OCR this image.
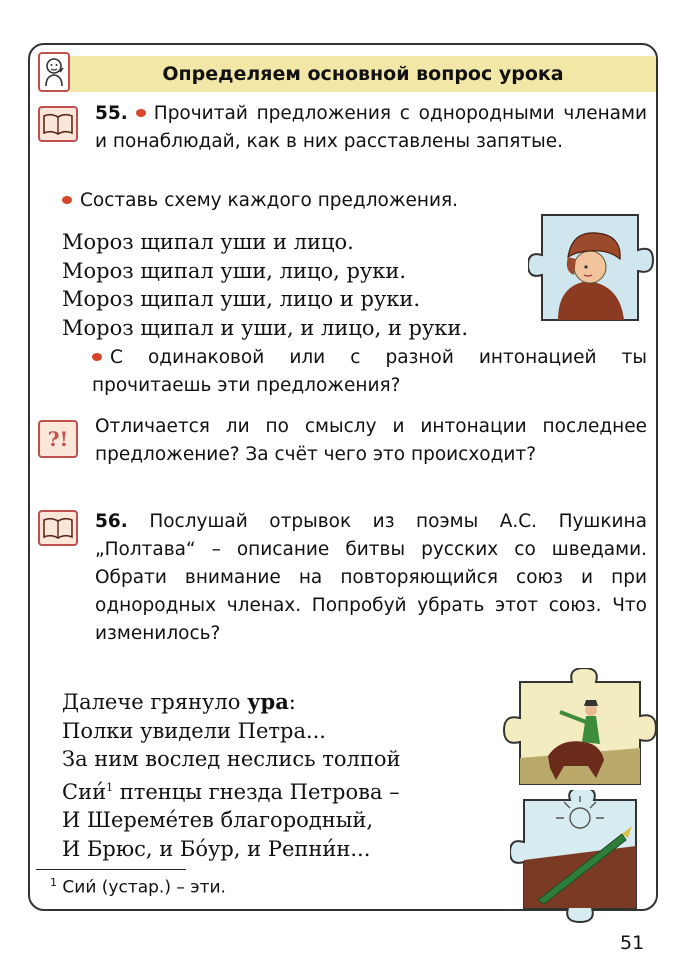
Определяем основной вопрос урока
55. Прочитай предложения с однородными членами и понаблюдай, как в них расставлены запятые.
Составь схему каждого предложения.
Мороз щипал уши и лицо.
Мороз щипал уши, лицо, руки.
Мороз щипал уши, лицо и руки.
Мороз щипал и уши, и лицо, и руки.
С одинаковой или с разной интонацией ты прочитаешь эти предложения?
?!
Отличается ли по смыслу и интонации последнее предложение? За счёт чего это происходит?
56. Послушай отрывок из поэмы А.С. Пушкина „Полтава“ – описание битвы русских со шведами. Обрати внимание на повторяющийся союз и при однородных членах. Попробуй убрать этот союз. Что изменилось?
Далече грянуло ура:
Полки увидели Петра...
За ним вослед неслись толпой
Сии́$^1$ птенцы гнезда Петрова –
И Шереме́тев благородный,
И Брюс, и Бо́ур, и Репни́н...
$^1$ Сии́ (устар.) – эти.
51
